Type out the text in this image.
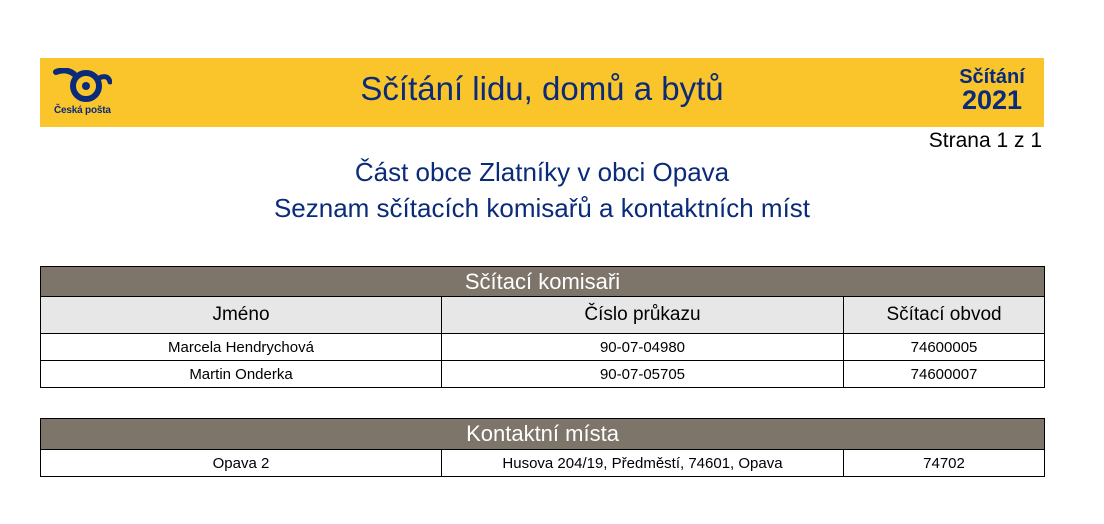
Česká pošta
Sčítání lidu, domů a bytů	Sčítání
2021
Strana 1 z 1
Část obce Zlatníky v obci Opava
Seznam sčítacích komisařů a kontaktních míst
Sčítací komisaři		
Jméno	Číslo průkazu	Sčítací obvod
Marcela Hendrychová	90-07-04980	74600005
Martin Onderka	90-07-05705	74600007
Kontaktní místa
Opava 2	Husova 204/19, Předměstí, 74601, Opava	74702
